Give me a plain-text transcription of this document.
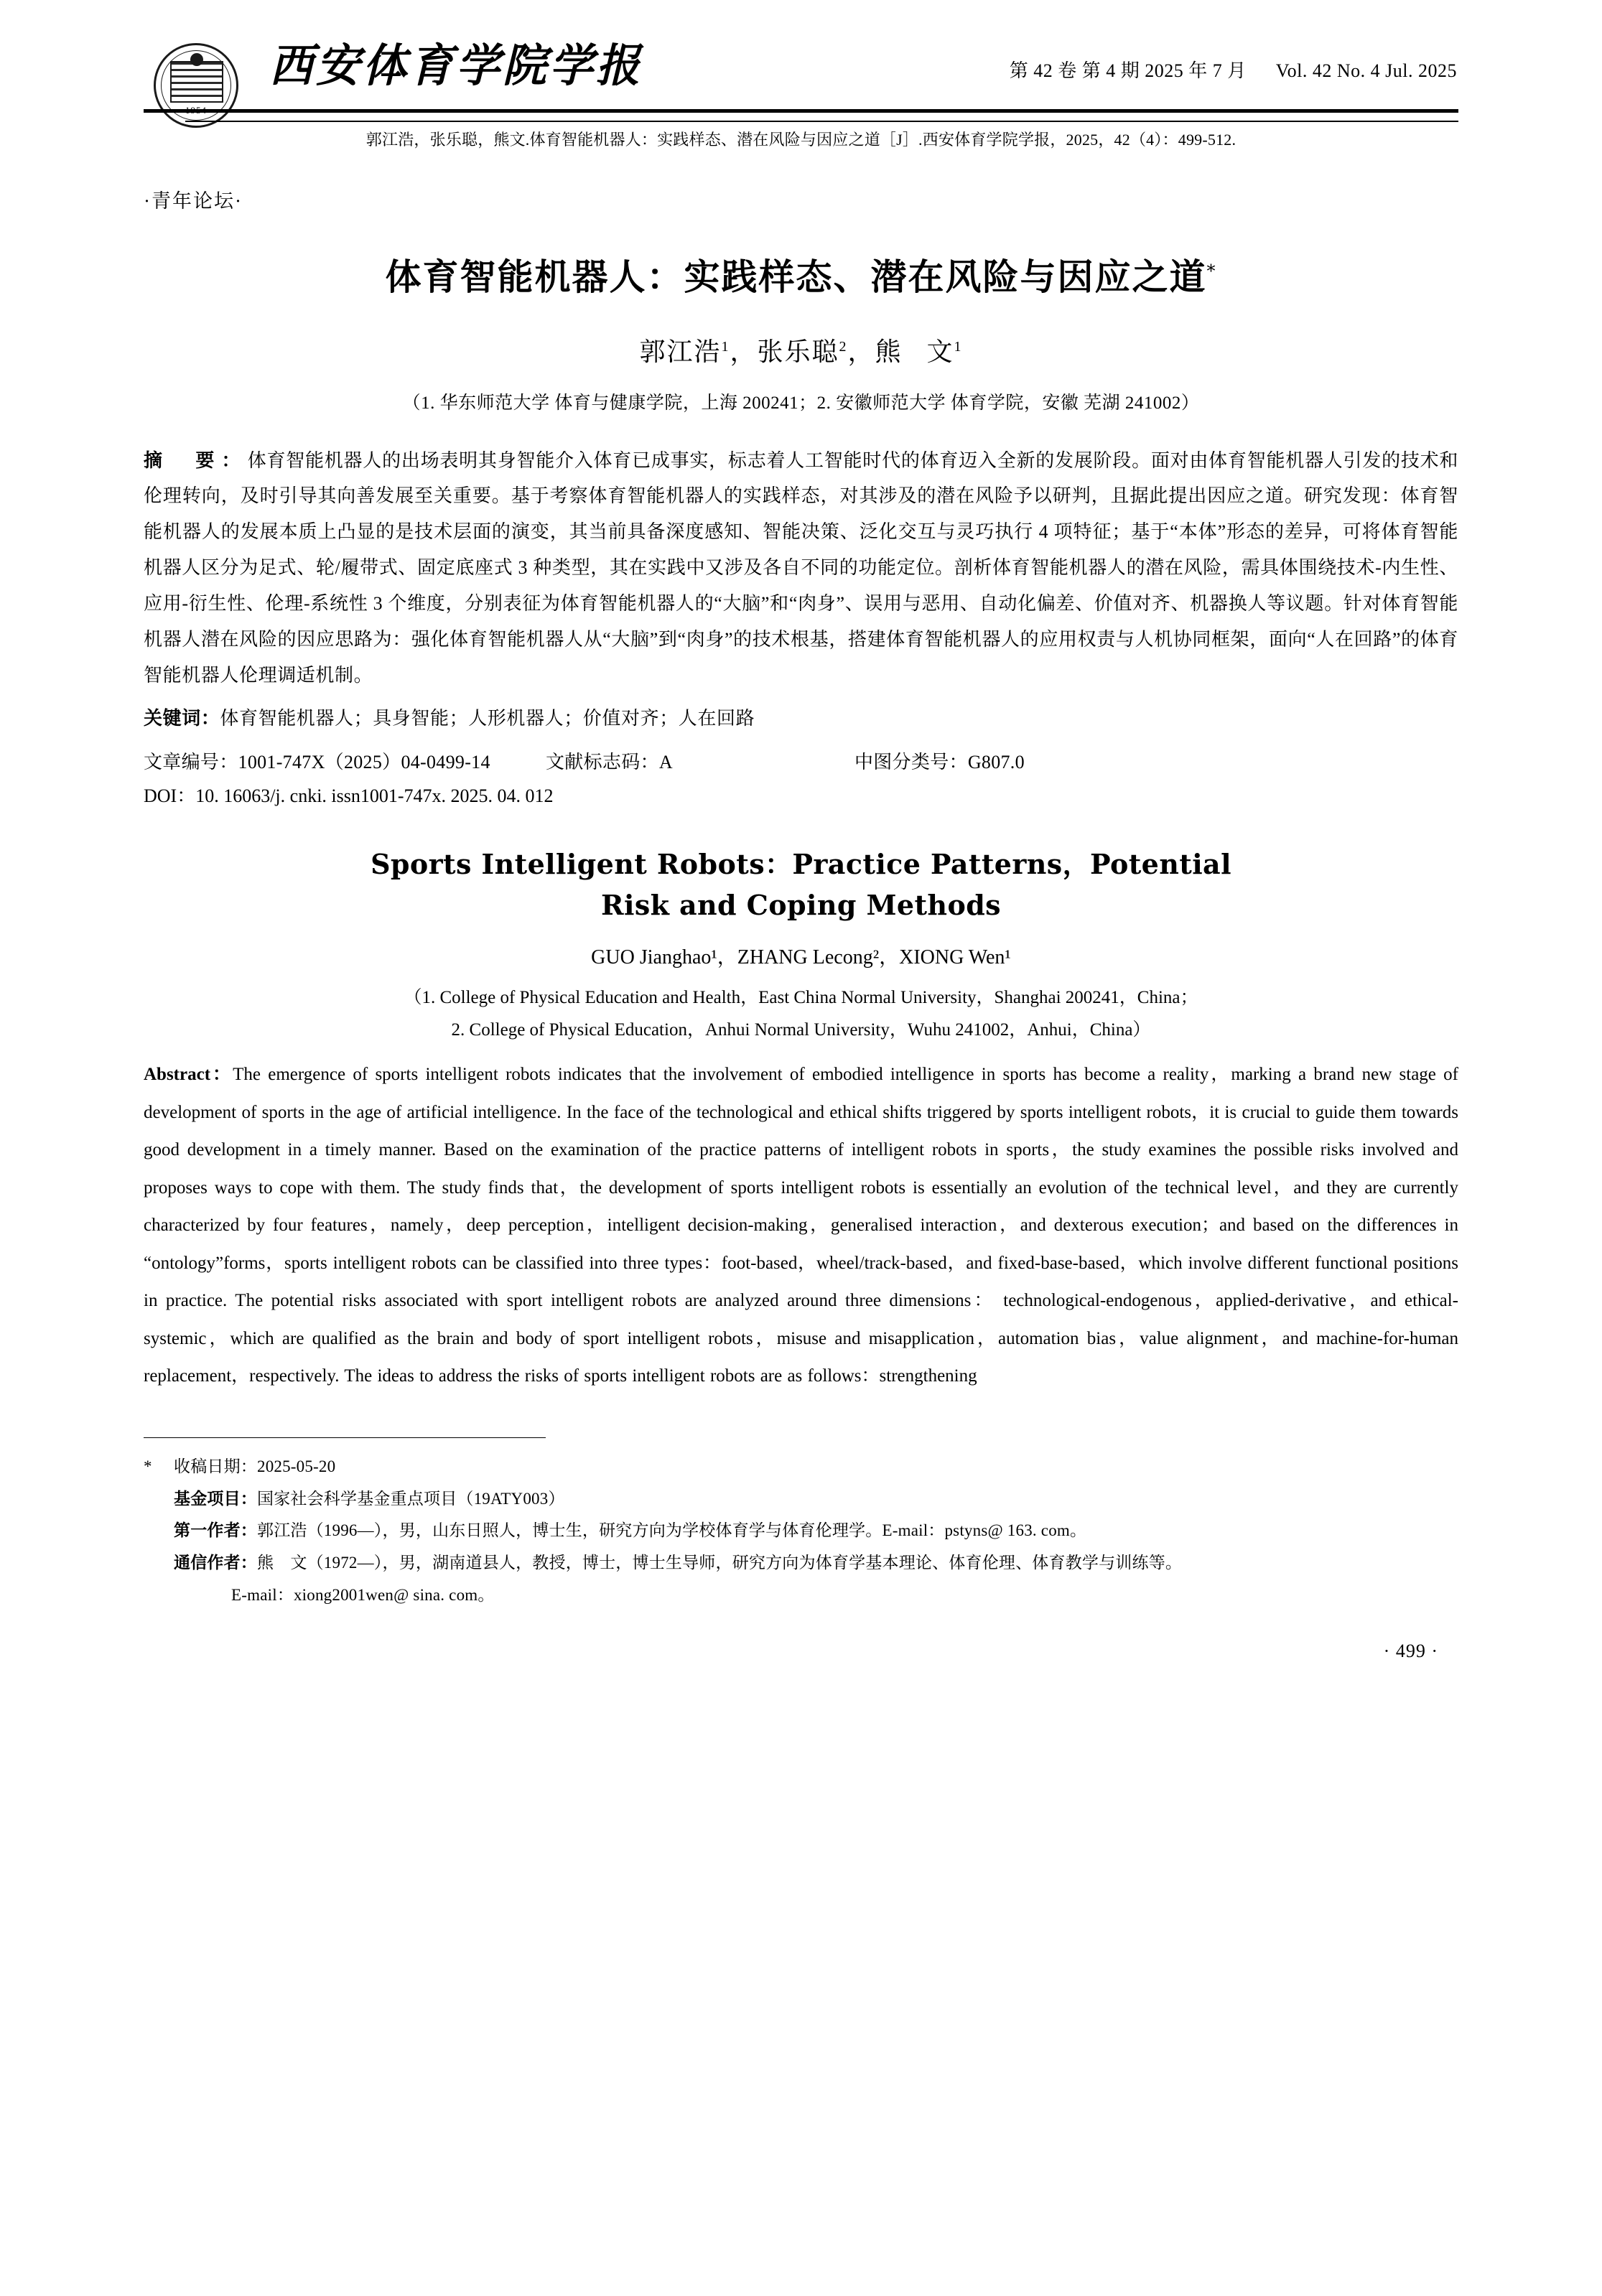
1954
西安体育学院学报	第 42 卷 第 4 期 2025 年 7 月 Vol. 42 No. 4 Jul. 2025
郭江浩，张乐聪，熊文.体育智能机器人：实践样态、潜在风险与因应之道［J］.西安体育学院学报，2025，42（4）：499-512.
·青年论坛·
体育智能机器人：实践样态、潜在风险与因应之道*
郭江浩$^1$，张乐聪$^2$，熊 文$^1$
（1. 华东师范大学 体育与健康学院，上海 200241；2. 安徽师范大学 体育学院，安徽 芜湖 241002）
摘　要：体育智能机器人的出场表明其身智能介入体育已成事实，标志着人工智能时代的体育迈入全新的发展阶段。面对由体育智能机器人引发的技术和伦理转向，及时引导其向善发展至关重要。基于考察体育智能机器人的实践样态，对其涉及的潜在风险予以研判，且据此提出因应之道。研究发现：体育智能机器人的发展本质上凸显的是技术层面的演变，其当前具备深度感知、智能决策、泛化交互与灵巧执行 4 项特征；基于“本体”形态的差异，可将体育智能机器人区分为足式、轮/履带式、固定底座式 3 种类型，其在实践中又涉及各自不同的功能定位。剖析体育智能机器人的潜在风险，需具体围绕技术-内生性、应用-衍生性、伦理-系统性 3 个维度，分别表征为体育智能机器人的“大脑”和“肉身”、误用与恶用、自动化偏差、价值对齐、机器换人等议题。针对体育智能机器人潜在风险的因应思路为：强化体育智能机器人从“大脑”到“肉身”的技术根基，搭建体育智能机器人的应用权责与人机协同框架，面向“人在回路”的体育智能机器人伦理调适机制。
关键词：体育智能机器人；具身智能；人形机器人；价值对齐；人在回路
文章编号：1001-747X（2025）04-0499-14	文献标志码：A	中图分类号：G807.0
DOI：10. 16063/j. cnki. issn1001-747x. 2025. 04. 012
Sports Intelligent Robots：Practice Patterns，Potential
Risk and Coping Methods
GUO Jianghao¹，ZHANG Lecong²，XIONG Wen¹
（1. College of Physical Education and Health，East China Normal University，Shanghai 200241，China；
2. College of Physical Education，Anhui Normal University，Wuhu 241002，Anhui，China）
Abstract：The emergence of sports intelligent robots indicates that the involvement of embodied intelligence in sports has become a reality，marking a brand new stage of development of sports in the age of artificial intelligence. In the face of the technological and ethical shifts triggered by sports intelligent robots，it is crucial to guide them towards good development in a timely manner. Based on the examination of the practice patterns of intelligent robots in sports，the study examines the possible risks involved and proposes ways to cope with them. The study finds that，the development of sports intelligent robots is essentially an evolution of the technical level，and they are currently characterized by four features，namely，deep perception，intelligent decision-making，generalised interaction，and dexterous execution；and based on the differences in “ontology”forms，sports intelligent robots can be classified into three types：foot-based，wheel/track-based，and fixed-base-based，which involve different functional positions in practice. The potential risks associated with sport intelligent robots are analyzed around three dimensions： technological-endogenous，applied-derivative，and ethical-systemic，which are qualified as the brain and body of sport intelligent robots，misuse and misapplication，automation bias，value alignment，and machine-for-human replacement，respectively. The ideas to address the risks of sports intelligent robots are as follows：strengthening
*	收稿日期：2025-05-20
基金项目：国家社会科学基金重点项目（19ATY003）
第一作者：郭江浩（1996—），男，山东日照人，博士生，研究方向为学校体育学与体育伦理学。E-mail：pstyns@ 163. com。
通信作者：熊　文（1972—），男，湖南道县人，教授，博士，博士生导师，研究方向为体育学基本理论、体育伦理、体育教学与训练等。
E-mail：xiong2001wen@ sina. com。
· 499 ·
